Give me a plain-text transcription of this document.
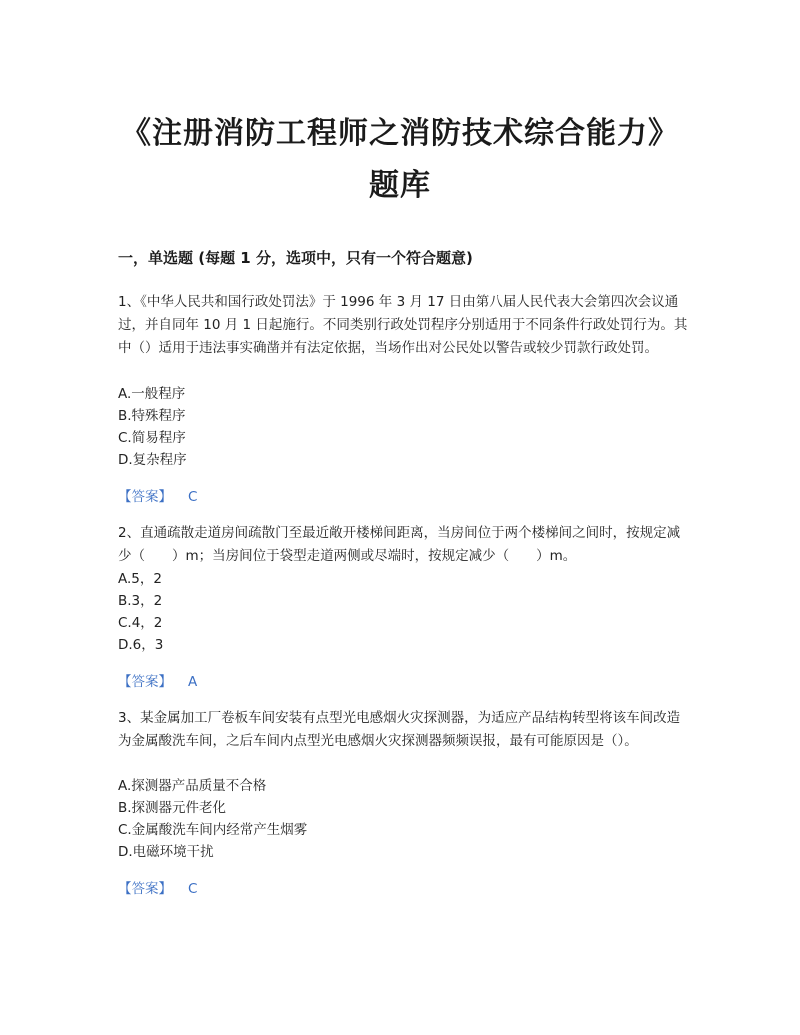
《注册消防工程师之消防技术综合能力》题库
一，单选题 (每题 1 分，选项中，只有一个符合题意)
1、《中华人民共和国行政处罚法》于 1996 年 3 月 17 日由第八届人民代表大会第四次会议通过，并自同年 10 月 1 日起施行。不同类别行政处罚程序分别适用于不同条件行政处罚行为。其中（）适用于违法事实确凿并有法定依据，当场作出对公民处以警告或较少罚款行政处罚。
A.一般程序
B.特殊程序
C.简易程序
D.复杂程序
【答案】 C
2、直通疏散走道房间疏散门至最近敞开楼梯间距离，当房间位于两个楼梯间之间时，按规定减少（　　）m；当房间位于袋型走道两侧或尽端时，按规定减少（　　）m。
A.5，2
B.3，2
C.4，2
D.6，3
【答案】 A
3、某金属加工厂卷板车间安装有点型光电感烟火灾探测器，为适应产品结构转型将该车间改造为金属酸洗车间，之后车间内点型光电感烟火灾探测器频频误报，最有可能原因是（）。
A.探测器产品质量不合格
B.探测器元件老化
C.金属酸洗车间内经常产生烟雾
D.电磁环境干扰
【答案】 C
